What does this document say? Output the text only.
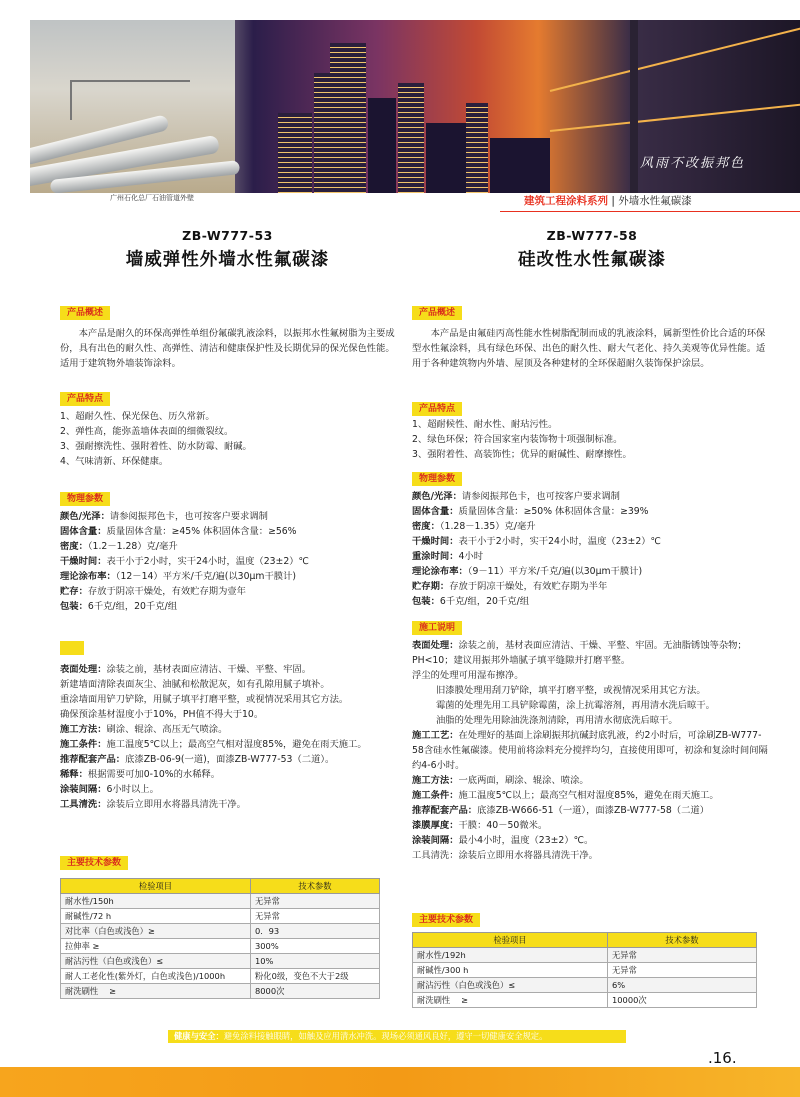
风雨不改振邦色
广州石化总厂石油管道外壁	建筑工程涂料系列 | 外墙水性氟碳漆
ZB-W777-53
墙威弹性外墙水性氟碳漆
产品概述

本产品是耐久的环保高弹性单组份氟碳乳液涂料，以振邦水性氟树脂为主要成份，具有出色的耐久性、高弹性、清洁和健康保护性及长期优异的保光保色性能。适用于建筑物外墙装饰涂料。

产品特点
1、超耐久性、保光保色、历久常新。
2、弹性高，能弥盖墙体表面的细微裂纹。
3、强耐擦洗性、强附着性、防水防霉、耐碱。
4、气味清新、环保健康。
物理参数
颜色/光泽：请参阅振邦色卡，也可按客户要求调制
固体含量：质量固体含量：≥45% 体积固体含量：≥56%
密度：（1.2－1.28）克/毫升
干燥时间：表干小于2小时，实干24小时，温度（23±2）℃
理论涂布率：（12－14）平方米/千克/遍(以30μm干膜计)
贮存：存放于阴凉干燥处，有效贮存期为壹年
包装：6千克/组，20千克/组
表面处理：涂装之前，基材表面应清洁、干燥、平整、牢固。
新建墙面清除表面灰尘、油腻和松散泥灰，如有孔隙用腻子填补。
重涂墙面用铲刀铲除，用腻子填平打磨平整，或视情况采用其它方法。
确保预涂基材湿度小于10%，PH值不得大于10。
施工方法：刷涂、辊涂、高压无气喷涂。
施工条件：施工温度5℃以上；最高空气相对湿度85%，避免在雨天施工。
推荐配套产品：底漆ZB-06-9(一道)，面漆ZB-W777-53（二道）。
稀释：根据需要可加0-10%的水稀释。
涂装间隔：6小时以上。
工具清洗：涂装后立即用水将器具清洗干净。
主要技术参数
检验项目	技术参数
耐水性/150h	无异常
耐碱性/72 h	无异常
对比率（白色或浅色）≥	0．93
拉伸率 ≥	300%
耐沾污性（白色或浅色）≤	10%
耐人工老化性(紫外灯，白色或浅色)/1000h	粉化0级，变色不大于2级
耐洗刷性　 ≥	8000次
ZB-W777-58
硅改性水性氟碳漆
产品概述

本产品是由氟硅丙高性能水性树脂配制而成的乳液涂料，属新型性价比合适的环保型水性氟涂料，具有绿色环保、出色的耐久性、耐大气老化、持久美观等优异性能。适用于各种建筑物内外墙、屋顶及各种建材的全环保超耐久装饰保护涂层。

产品特点
1、超耐候性、耐水性、耐玷污性。
2、绿色环保；符合国家室内装饰物十项强制标准。
3、强附着性、高装饰性；优异的耐碱性、耐摩擦性。
物理参数
颜色/光泽：请参阅振邦色卡，也可按客户要求调制
固体含量：质量固体含量：≥50% 体积固体含量：≥39%
密度：（1.28－1.35）克/毫升
干燥时间：表干小于2小时，实干24小时，温度（23±2）℃
重涂时间：4小时
理论涂布率：（9－11）平方米/千克/遍(以30μm干膜计)
贮存期：存放于阴凉干燥处，有效贮存期为半年
包装：6千克/组，20千克/组
施工说明
表面处理：涂装之前，基材表面应清洁、干燥、平整、牢固。无油脂锈蚀等杂物；PH<10；建议用振邦外墙腻子填平缝隙并打磨平整。
浮尘的处理可用湿布擦净。
旧漆膜处理用刮刀铲除，填平打磨平整，或视情况采用其它方法。
霉菌的处理先用工具铲除霉菌，涂上抗霉溶剂，再用清水洗后晾干。
油脂的处理先用除油洗涤剂清除，再用清水彻底洗后晾干。
施工工艺：在处理好的基面上涂刷振邦抗碱封底乳液，约2小时后，可涂刷ZB-W777-58含硅水性氟碳漆。使用前将涂料充分搅拌均匀，直接使用即可，初涂和复涂时间间隔约4-6小时。
施工方法：一底两面，刷涂、辊涂、喷涂。
施工条件：施工温度5℃以上；最高空气相对湿度85%，避免在雨天施工。
推荐配套产品：底漆ZB-W666-51（一道），面漆ZB-W777-58（二道）
漆膜厚度：干膜：40－50微米。
涂装间隔：最小4小时，温度（23±2）℃。
工具清洗：涂装后立即用水将器具清洗干净。
主要技术参数
检验项目	技术参数
耐水性/192h	无异常
耐碱性/300 h	无异常
耐沾污性（白色或浅色）≤	6%
耐洗刷性　 ≥	10000次
健康与安全：避免涂料接触眼睛，如触及应用清水冲洗。现场必须通风良好，遵守一切健康安全规定。
.16.
